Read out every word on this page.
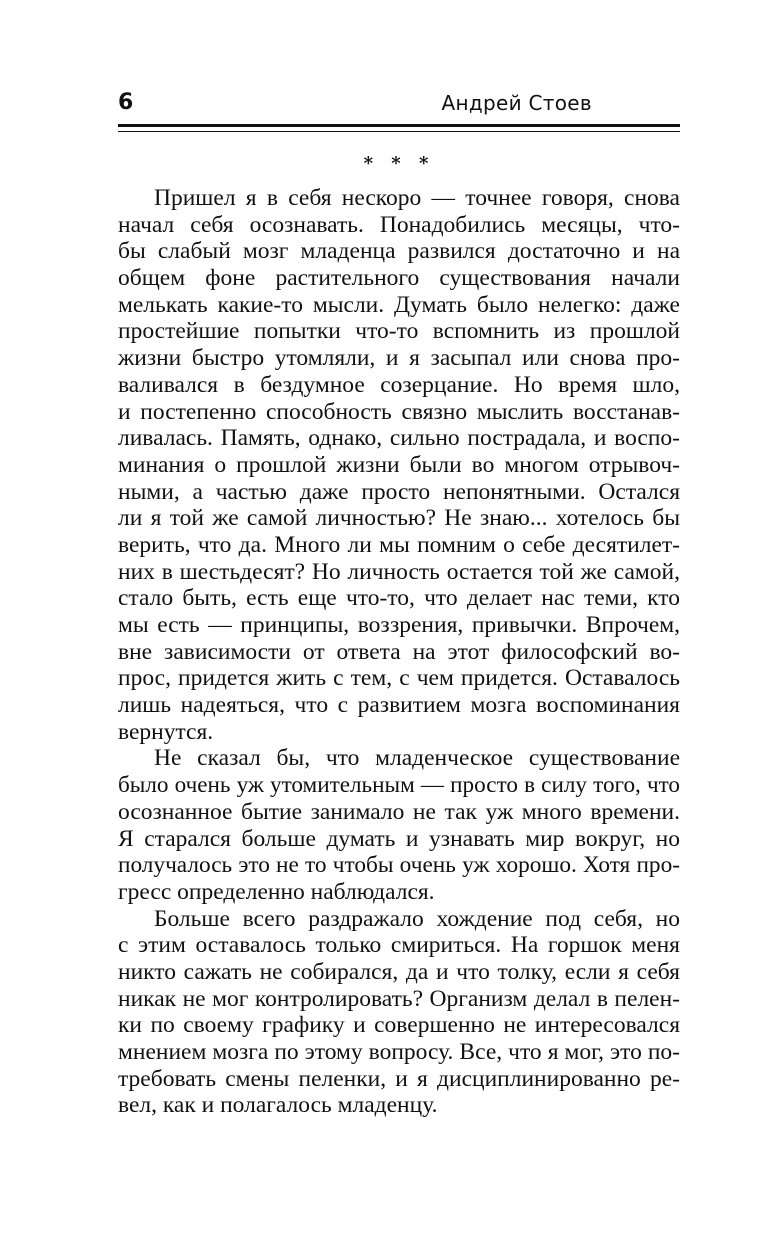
6	Андрей Стоев
* * *
Пришел я в себя нескоро — точнее говоря, снова
начал себя осознавать. Понадобились месяцы, что-
бы слабый мозг младенца развился достаточно и на
общем фоне растительного существования начали
мелькать какие-то мысли. Думать было нелегко: даже
простейшие попытки что-то вспомнить из прошлой
жизни быстро утомляли, и я засыпал или снова про-
валивался в бездумное созерцание. Но время шло,
и постепенно способность связно мыслить восстанав-
ливалась. Память, однако, сильно пострадала, и воспо-
минания о прошлой жизни были во многом отрывоч-
ными, а частью даже просто непонятными. Остался
ли я той же самой личностью? Не знаю... хотелось бы
верить, что да. Много ли мы помним о себе десятилет-
них в шестьдесят? Но личность остается той же самой,
стало быть, есть еще что-то, что делает нас теми, кто
мы есть — принципы, воззрения, привычки. Впрочем,
вне зависимости от ответа на этот философский во-
прос, придется жить с тем, с чем придется. Оставалось
лишь надеяться, что с развитием мозга воспоминания
вернутся.
Не сказал бы, что младенческое существование
было очень уж утомительным — просто в силу того, что
осознанное бытие занимало не так уж много времени.
Я старался больше думать и узнавать мир вокруг, но
получалось это не то чтобы очень уж хорошо. Хотя про-
гресс определенно наблюдался.
Больше всего раздражало хождение под себя, но
с этим оставалось только смириться. На горшок меня
никто сажать не собирался, да и что толку, если я себя
никак не мог контролировать? Организм делал в пелен-
ки по своему графику и совершенно не интересовался
мнением мозга по этому вопросу. Все, что я мог, это по-
требовать смены пеленки, и я дисциплинированно ре-
вел, как и полагалось младенцу.
